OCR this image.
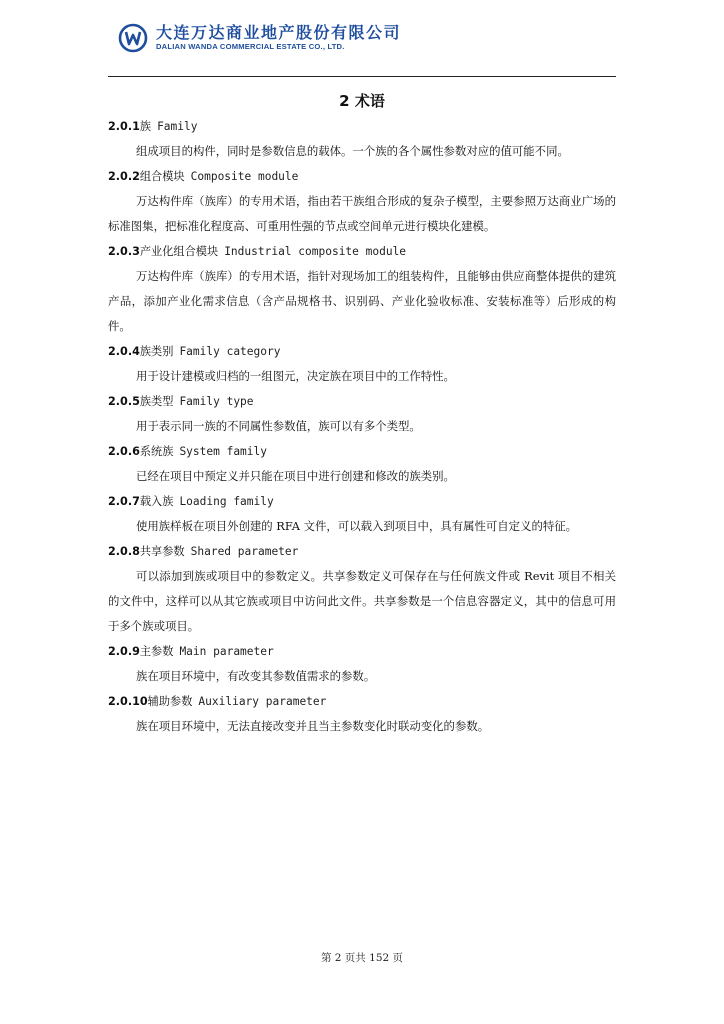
大连万达商业地产股份有限公司
DALIAN WANDA COMMERCIAL ESTATE CO., LTD.
2 术语
2.0.1族 Family
组成项目的构件，同时是参数信息的载体。一个族的各个属性参数对应的值可能不同。
2.0.2组合模块 Composite module
万达构件库（族库）的专用术语，指由若干族组合形成的复杂子模型，主要参照万达商业广场的标准图集，把标准化程度高、可重用性强的节点或空间单元进行模块化建模。
2.0.3产业化组合模块 Industrial composite module
万达构件库（族库）的专用术语，指针对现场加工的组装构件，且能够由供应商整体提供的建筑产品，添加产业化需求信息（含产品规格书、识别码、产业化验收标准、安装标准等）后形成的构件。
2.0.4族类别 Family category
用于设计建模或归档的一组图元，决定族在项目中的工作特性。
2.0.5族类型 Family type
用于表示同一族的不同属性参数值，族可以有多个类型。
2.0.6系统族 System family
已经在项目中预定义并只能在项目中进行创建和修改的族类别。
2.0.7载入族 Loading family
使用族样板在项目外创建的 RFA 文件，可以载入到项目中，具有属性可自定义的特征。
2.0.8共享参数 Shared parameter
可以添加到族或项目中的参数定义。共享参数定义可保存在与任何族文件或 Revit 项目不相关的文件中，这样可以从其它族或项目中访问此文件。共享参数是一个信息容器定义，其中的信息可用于多个族或项目。
2.0.9主参数 Main parameter
族在项目环境中，有改变其参数值需求的参数。
2.0.10辅助参数 Auxiliary parameter
族在项目环境中，无法直接改变并且当主参数变化时联动变化的参数。
第 2 页共 152 页
